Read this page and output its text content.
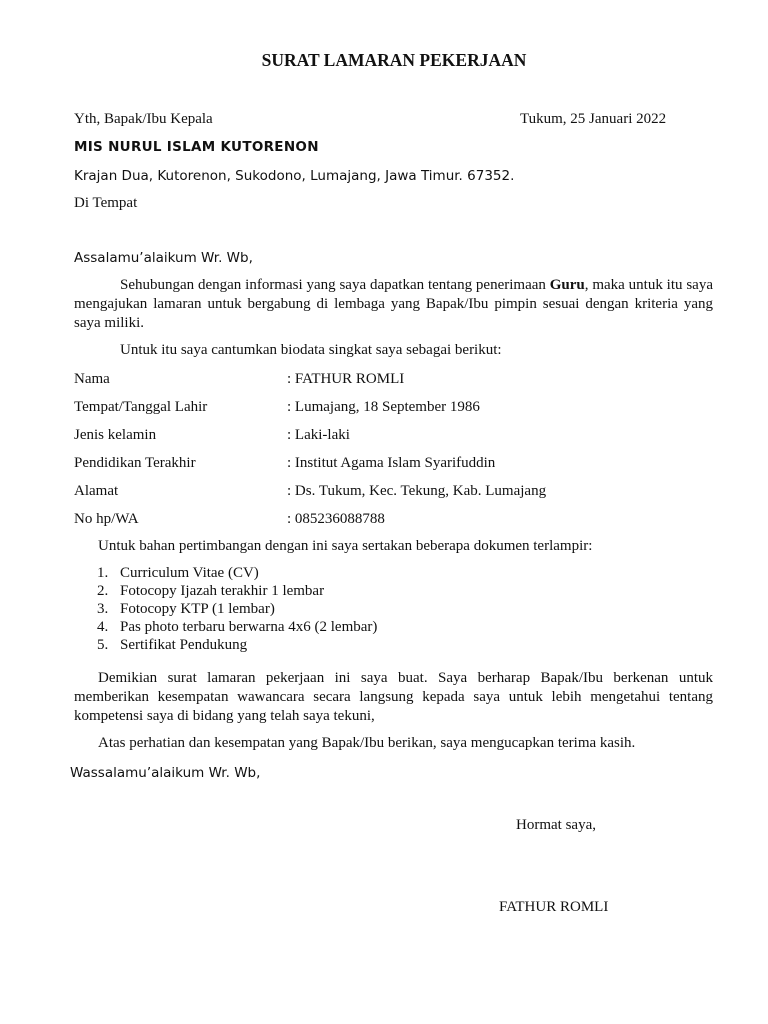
SURAT LAMARAN PEKERJAAN
Yth, Bapak/Ibu Kepala	Tukum, 25 Januari 2022
MIS NURUL ISLAM KUTORENON
Krajan Dua, Kutorenon, Sukodono, Lumajang, Jawa Timur. 67352.
Di Tempat
Assalamu’alaikum Wr. Wb,
Sehubungan dengan informasi yang saya dapatkan tentang penerimaan Guru, maka untuk itu saya mengajukan lamaran untuk bergabung di lembaga yang Bapak/Ibu pimpin sesuai dengan kriteria yang saya miliki.
Untuk itu saya cantumkan biodata singkat saya sebagai berikut:
Nama	: FATHUR ROMLI
Tempat/Tanggal Lahir	: Lumajang, 18 September 1986
Jenis kelamin	: Laki-laki
Pendidikan Terakhir	: Institut Agama Islam Syarifuddin
Alamat	: Ds. Tukum, Kec. Tekung, Kab. Lumajang
No hp/WA	: 085236088788
Untuk bahan pertimbangan dengan ini saya sertakan beberapa dokumen terlampir:
1. Curriculum Vitae (CV)
2. Fotocopy Ijazah terakhir 1 lembar
3. Fotocopy KTP (1 lembar)
4. Pas photo terbaru berwarna 4x6 (2 lembar)
5. Sertifikat Pendukung
Demikian surat lamaran pekerjaan ini saya buat. Saya berharap Bapak/Ibu berkenan untuk memberikan kesempatan wawancara secara langsung kepada saya untuk lebih mengetahui tentang kompetensi saya di bidang yang telah saya tekuni,
Atas perhatian dan kesempatan yang Bapak/Ibu berikan, saya mengucapkan terima kasih.
Wassalamu’alaikum Wr. Wb,
Hormat saya,
FATHUR ROMLI
